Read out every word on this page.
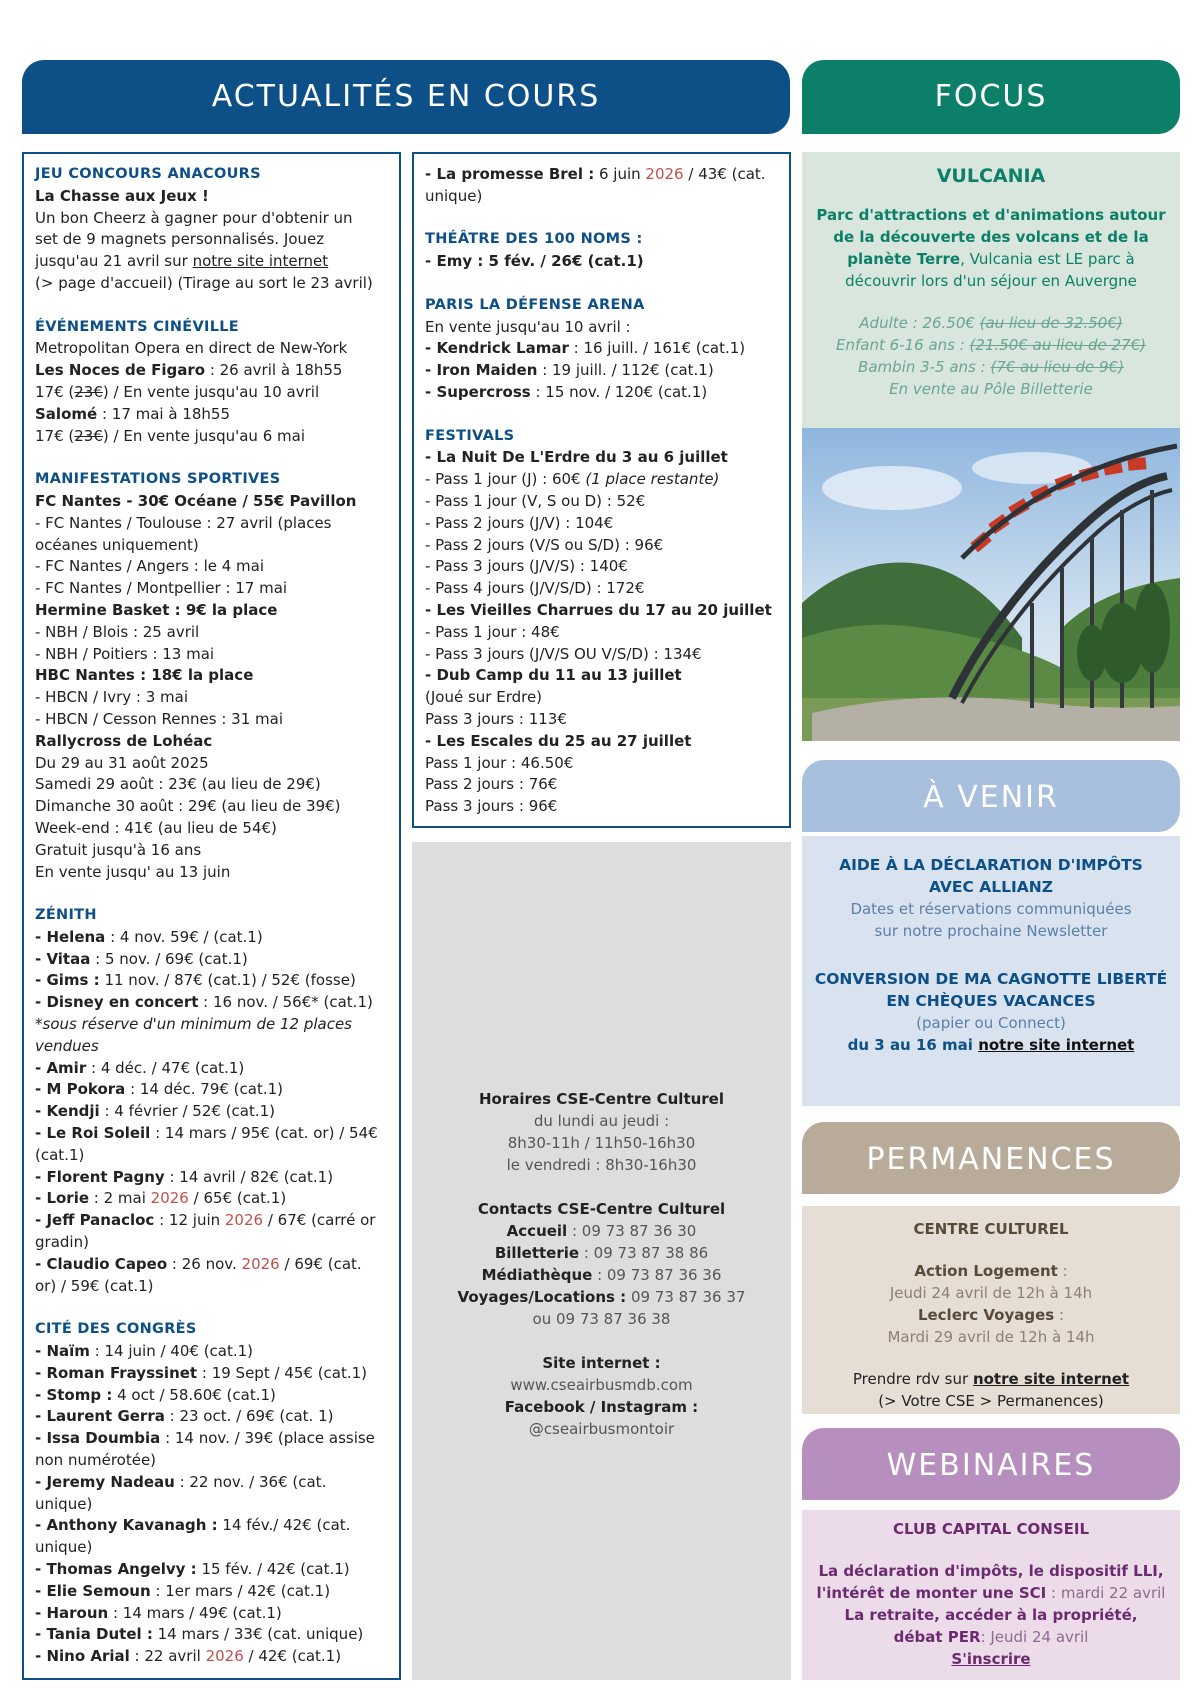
ACTUALITÉS EN COURS	FOCUS
À VENIR
PERMANENCES
WEBINAIRES
JEU CONCOURS ANACOURS
La Chasse aux Jeux !
Un bon Cheerz à gagner pour d'obtenir un
set de 9 magnets personnalisés. Jouez
jusqu'au 21 avril sur notre site internet
(> page d'accueil) (Tirage au sort le 23 avril)
ÉVÉNEMENTS CINÉVILLE
Metropolitan Opera en direct de New-York
Les Noces de Figaro : 26 avril à 18h55
17€ (23€) / En vente jusqu'au 10 avril
Salomé : 17 mai à 18h55
17€ (23€) / En vente jusqu'au 6 mai
MANIFESTATIONS SPORTIVES
FC Nantes - 30€ Océane / 55€ Pavillon
- FC Nantes / Toulouse : 27 avril (places
océanes uniquement)
- FC Nantes / Angers : le 4 mai
- FC Nantes / Montpellier : 17 mai
Hermine Basket : 9€ la place
- NBH / Blois : 25 avril
- NBH / Poitiers : 13 mai
HBC Nantes : 18€ la place
- HBCN / Ivry : 3 mai
- HBCN / Cesson Rennes : 31 mai
Rallycross de Lohéac
Du 29 au 31 août 2025
Samedi 29 août : 23€ (au lieu de 29€)
Dimanche 30 août : 29€ (au lieu de 39€)
Week-end : 41€ (au lieu de 54€)
Gratuit jusqu'à 16 ans
En vente jusqu' au 13 juin
ZÉNITH
- Helena : 4 nov. 59€ / (cat.1)
- Vitaa : 5 nov. / 69€ (cat.1)
- Gims : 11 nov. / 87€ (cat.1) / 52€ (fosse)
- Disney en concert : 16 nov. / 56€* (cat.1)
*sous réserve d'un minimum de 12 places
vendues
- Amir : 4 déc. / 47€ (cat.1)
- M Pokora : 14 déc. 79€ (cat.1)
- Kendji : 4 février / 52€ (cat.1)
- Le Roi Soleil : 14 mars / 95€ (cat. or) / 54€
(cat.1)
- Florent Pagny : 14 avril / 82€ (cat.1)
- Lorie : 2 mai 2026 / 65€ (cat.1)
- Jeff Panacloc : 12 juin 2026 / 67€ (carré or
gradin)
- Claudio Capeo : 26 nov. 2026 / 69€ (cat.
or) / 59€ (cat.1)
CITÉ DES CONGRÈS
- Naïm : 14 juin / 40€ (cat.1)
- Roman Frayssinet : 19 Sept / 45€ (cat.1)
- Stomp : 4 oct / 58.60€ (cat.1)
- Laurent Gerra : 23 oct. / 69€ (cat. 1)
- Issa Doumbia : 14 nov. / 39€ (place assise
non numérotée)
- Jeremy Nadeau : 22 nov. / 36€ (cat.
unique)
- Anthony Kavanagh : 14 fév./ 42€ (cat.
unique)
- Thomas Angelvy : 15 fév. / 42€ (cat.1)
- Elie Semoun : 1er mars / 42€ (cat.1)
- Haroun : 14 mars / 49€ (cat.1)
- Tania Dutel : 14 mars / 33€ (cat. unique)
- Nino Arial : 22 avril 2026 / 42€ (cat.1)
- La promesse Brel : 6 juin 2026 / 43€ (cat.
unique)
THÉÂTRE DES 100 NOMS :
- Emy : 5 fév. / 26€ (cat.1)
PARIS LA DÉFENSE ARENA
En vente jusqu'au 10 avril :
- Kendrick Lamar : 16 juill. / 161€ (cat.1)
- Iron Maiden : 19 juill. / 112€ (cat.1)
- Supercross : 15 nov. / 120€ (cat.1)
FESTIVALS
- La Nuit De L'Erdre du 3 au 6 juillet
- Pass 1 jour (J) : 60€ (1 place restante)
- Pass 1 jour (V, S ou D) : 52€
- Pass 2 jours (J/V) : 104€
- Pass 2 jours (V/S ou S/D) : 96€
- Pass 3 jours (J/V/S) : 140€
- Pass 4 jours (J/V/S/D) : 172€
- Les Vieilles Charrues du 17 au 20 juillet
- Pass 1 jour : 48€
- Pass 3 jours (J/V/S OU V/S/D) : 134€
- Dub Camp du 11 au 13 juillet
(Joué sur Erdre)
Pass 3 jours : 113€
- Les Escales du 25 au 27 juillet
Pass 1 jour : 46.50€
Pass 2 jours : 76€
Pass 3 jours : 96€
Horaires CSE-Centre Culturel
du lundi au jeudi :
8h30-11h / 11h50-16h30
le vendredi : 8h30-16h30
Contacts CSE-Centre Culturel
Accueil : 09 73 87 36 30
Billetterie : 09 73 87 38 86
Médiathèque : 09 73 87 36 36
Voyages/Locations : 09 73 87 36 37
ou 09 73 87 36 38
Site internet :
www.cseairbusmdb.com
Facebook / Instagram :
@cseairbusmontoir
VULCANIA
Parc d'attractions et d'animations autour
de la découverte des volcans et de la
planète Terre, Vulcania est LE parc à
découvrir lors d'un séjour en Auvergne
Adulte : 26.50€ (au lieu de 32.50€)
Enfant 6-16 ans : (21.50€ au lieu de 27€)
Bambin 3-5 ans : (7€ au lieu de 9€)
En vente au Pôle Billetterie
AIDE À LA DÉCLARATION D'IMPÔTS
AVEC ALLIANZ
Dates et réservations communiquées
sur notre prochaine Newsletter
CONVERSION DE MA CAGNOTTE LIBERTÉ
EN CHÈQUES VACANCES
(papier ou Connect)
du 3 au 16 mai notre site internet
CENTRE CULTUREL
Action Logement :
Jeudi 24 avril de 12h à 14h
Leclerc Voyages :
Mardi 29 avril de 12h à 14h
Prendre rdv sur notre site internet
(> Votre CSE > Permanences)
CLUB CAPITAL CONSEIL
La déclaration d'impôts, le dispositif LLI,
l'intérêt de monter une SCI : mardi 22 avril
La retraite, accéder à la propriété,
débat PER: Jeudi 24 avril
S'inscrire
